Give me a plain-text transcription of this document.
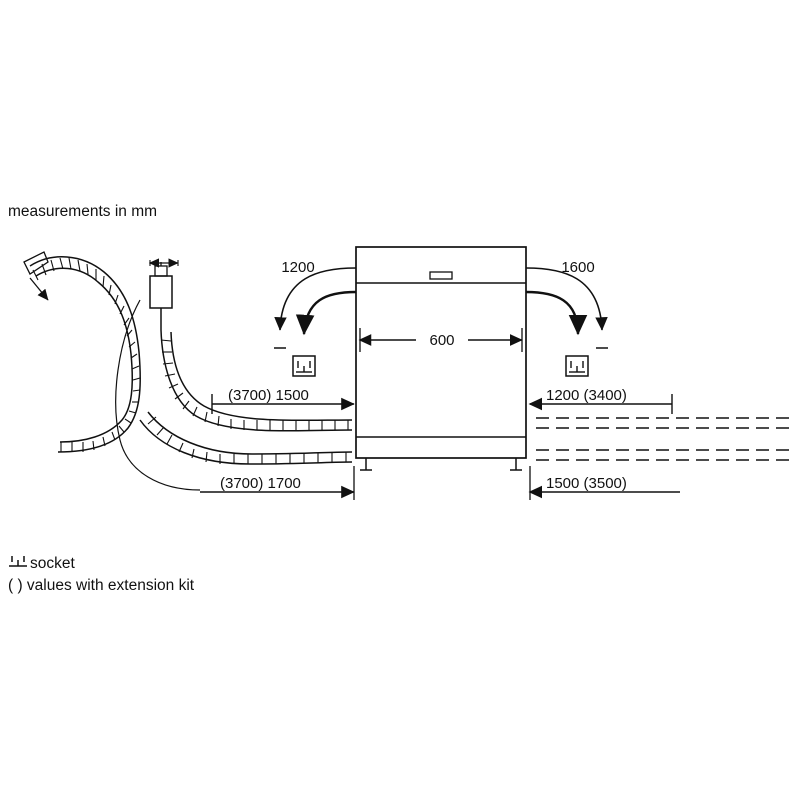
measurements in mm
1200	1600
600
(3700) 1500	1200 (3400)
(3700) 1700	1500 (3500)
socket
( ) values with extension kit
